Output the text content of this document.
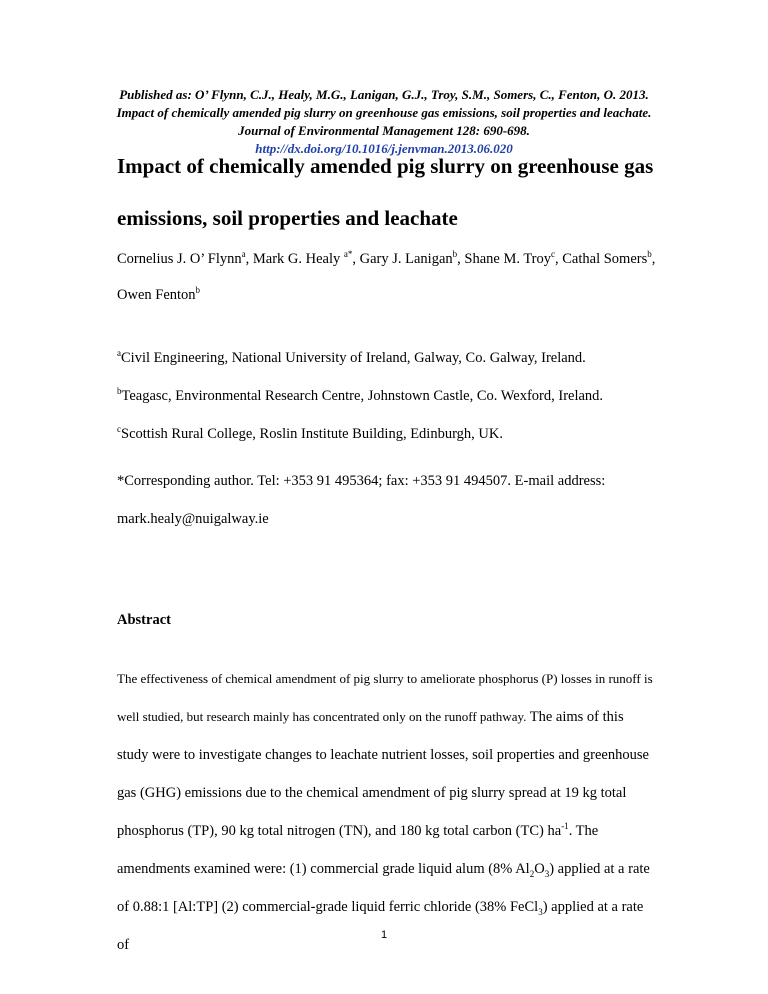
Published as: O’ Flynn, C.J., Healy, M.G., Lanigan, G.J., Troy, S.M., Somers, C., Fenton, O. 2013. Impact of chemically amended pig slurry on greenhouse gas emissions, soil properties and leachate. Journal of Environmental Management 128: 690-698.
http://dx.doi.org/10.1016/j.jenvman.2013.06.020
Impact of chemically amended pig slurry on greenhouse gas emissions, soil properties and leachate
Cornelius J. O’ Flynn$^a$, Mark G. Healy $^{a*}$, Gary J. Lanigan$^b$, Shane M. Troy$^c$, Cathal Somers$^b$, Owen Fenton$^b$
$^a$Civil Engineering, National University of Ireland, Galway, Co. Galway, Ireland.
$^b$Teagasc, Environmental Research Centre, Johnstown Castle, Co. Wexford, Ireland.
$^c$Scottish Rural College, Roslin Institute Building, Edinburgh, UK.
*Corresponding author. Tel: +353 91 495364; fax: +353 91 494507. E-mail address: mark.healy@nuigalway.ie
Abstract
The effectiveness of chemical amendment of pig slurry to ameliorate phosphorus (P) losses in runoff is well studied, but research mainly has concentrated only on the runoff pathway. The aims of this study were to investigate changes to leachate nutrient losses, soil properties and greenhouse gas (GHG) emissions due to the chemical amendment of pig slurry spread at 19 kg total phosphorus (TP), 90 kg total nitrogen (TN), and 180 kg total carbon (TC) $ha^{-1}$. The amendments examined were: (1) commercial grade liquid alum (8% $Al_2O_3$) applied at a rate of 0.88:1 [Al:TP] (2) commercial-grade liquid ferric chloride (38% FeCl$_3$) applied at a rate of
1
